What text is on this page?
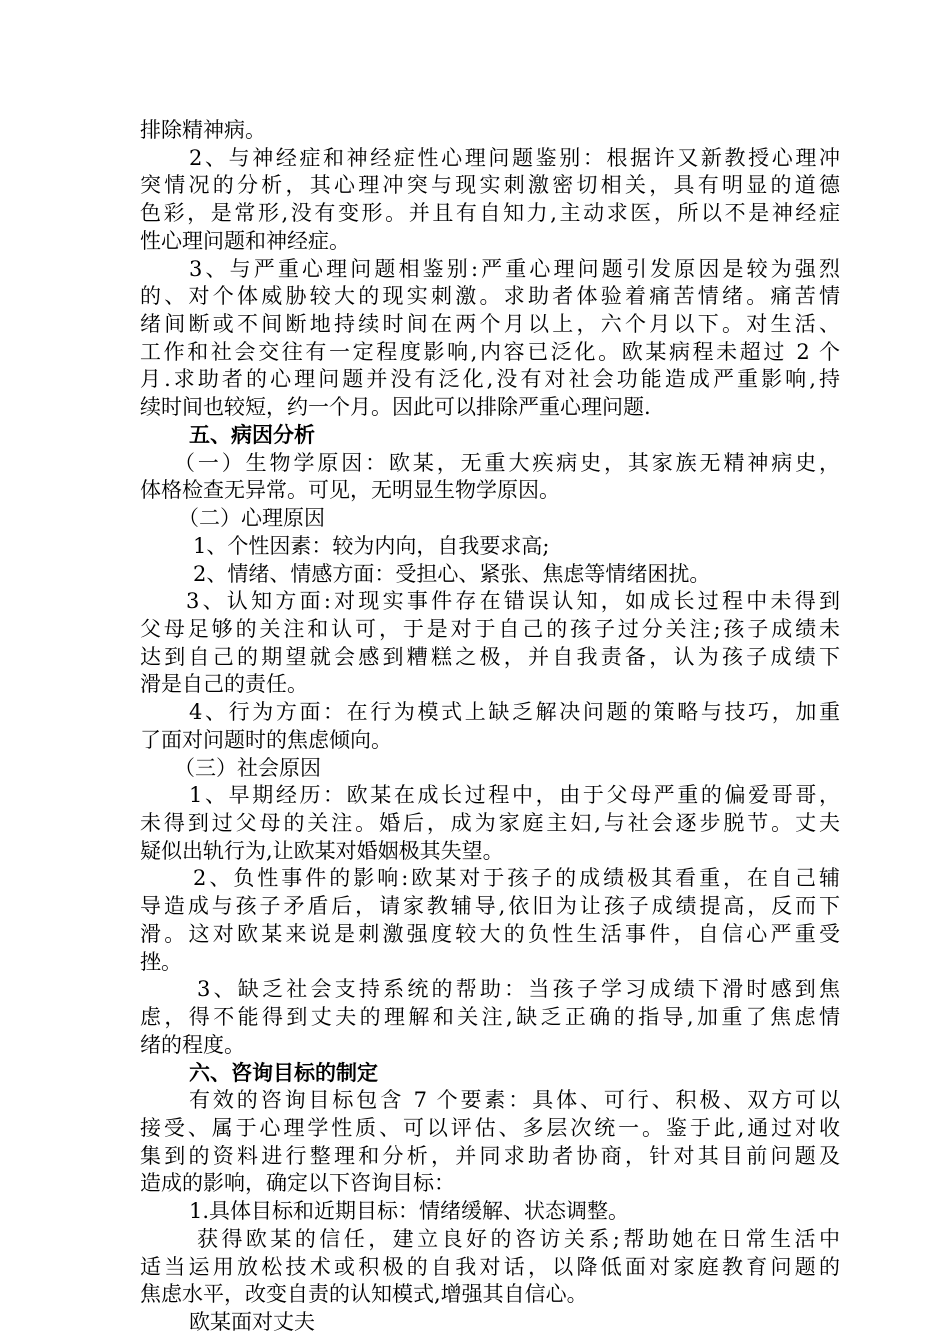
排除精神病。

2、与神经症和神经症性心理问题鉴别：根据许又新教授心理冲

突情况的分析，其心理冲突与现实刺激密切相关，具有明显的道德

色彩，是常形,没有变形。并且有自知力,主动求医，所以不是神经症

性心理问题和神经症。

3、与严重心理问题相鉴别:严重心理问题引发原因是较为强烈

的、对个体威胁较大的现实刺激。求助者体验着痛苦情绪。痛苦情

绪间断或不间断地持续时间在两个月以上，六个月以下。对生活、

工作和社会交往有一定程度影响,内容已泛化。欧某病程未超过 2 个

月.求助者的心理问题并没有泛化,没有对社会功能造成严重影响,持

续时间也较短，约一个月。因此可以排除严重心理问题.

五、病因分析

（一）生物学原因：欧某，无重大疾病史，其家族无精神病史，

体格检查无异常。可见，无明显生物学原因。

（二）心理原因

1、个性因素：较为内向，自我要求高;

2、情绪、情感方面：受担心、紧张、焦虑等情绪困扰。

3、认知方面:对现实事件存在错误认知，如成长过程中未得到

父母足够的关注和认可，于是对于自己的孩子过分关注;孩子成绩未

达到自己的期望就会感到糟糕之极，并自我责备，认为孩子成绩下

滑是自己的责任。

4、行为方面：在行为模式上缺乏解决问题的策略与技巧，加重

了面对问题时的焦虑倾向。

（三）社会原因

1、早期经历：欧某在成长过程中，由于父母严重的偏爱哥哥，

未得到过父母的关注。婚后，成为家庭主妇,与社会逐步脱节。丈夫

疑似出轨行为,让欧某对婚姻极其失望。

2、负性事件的影响:欧某对于孩子的成绩极其看重，在自己辅

导造成与孩子矛盾后，请家教辅导,依旧为让孩子成绩提高，反而下

滑。这对欧某来说是刺激强度较大的负性生活事件，自信心严重受

挫。

3、缺乏社会支持系统的帮助：当孩子学习成绩下滑时感到焦

虑，得不能得到丈夫的理解和关注,缺乏正确的指导,加重了焦虑情

绪的程度。

六、咨询目标的制定

有效的咨询目标包含 7 个要素：具体、可行、积极、双方可以

接受、属于心理学性质、可以评估、多层次统一。鉴于此,通过对收

集到的资料进行整理和分析，并同求助者协商，针对其目前问题及

造成的影响，确定以下咨询目标：

1.具体目标和近期目标：情绪缓解、状态调整。

获得欧某的信任，建立良好的咨访关系;帮助她在日常生活中

适当运用放松技术或积极的自我对话，以降低面对家庭教育问题的

焦虑水平，改变自责的认知模式,增强其自信心。

欧某面对丈夫
